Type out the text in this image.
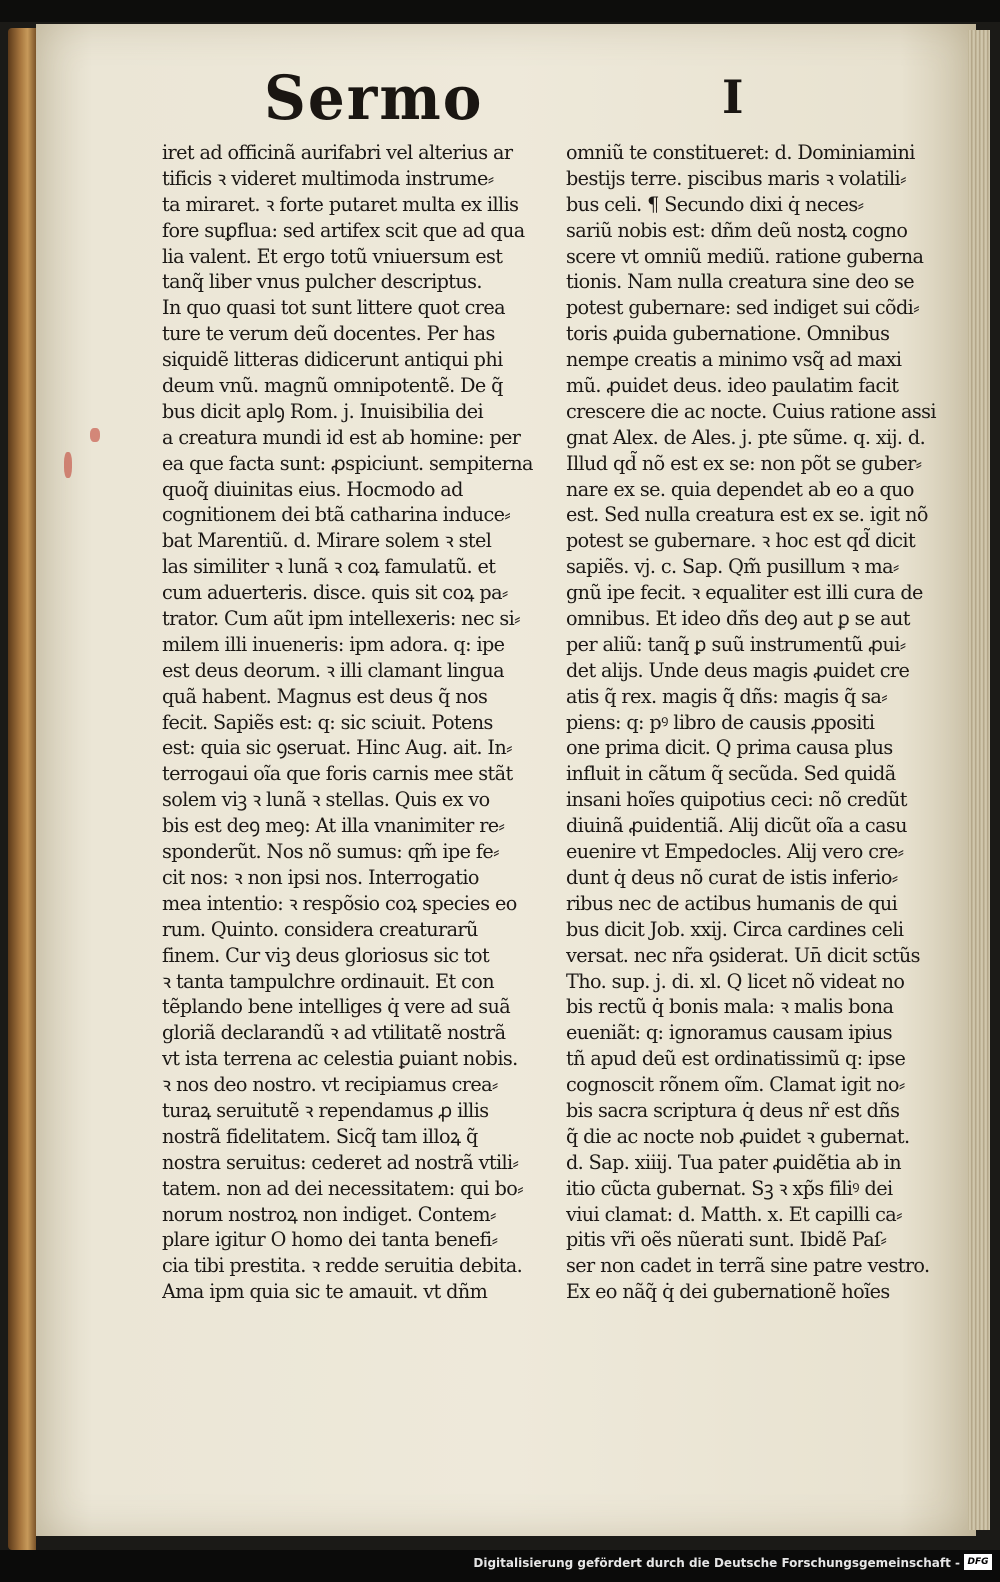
Sermo	I
iret ad officinã aurifabri vel alterius ar
tificis ꝛ videret multimoda instrume⸗
ta miraret. ꝛ forte putaret multa ex illis
fore suꝑflua: sed artifex scit que ad qua
lia valent. Et ergo totũ vniuersum est
tanq̃ liber vnus pulcher descriptus.
In quo quasi tot sunt littere quot crea
ture te verum deũ docentes. Per has
siquidẽ litteras didicerunt antiqui phi
deum vnũ. magnũ omnipotentẽ. De q̃
bus dicit aplꝯ Rom. j. Inuisibilia dei
a creatura mundi id est ab homine: per
ea que facta sunt: ꝓspiciunt. sempiterna
quoq̃ diuinitas eius. Hocmodo ad
cognitionem dei btã catharina induce⸗
bat Marentiũ. d. Mirare solem ꝛ stel
las similiter ꝛ lunã ꝛ coꝝ famulatũ. et
cum aduerteris. disce. quis sit coꝝ pa⸗
trator. Cum aũt ipm intellexeris: nec si⸗
milem illi inueneris: ipm adora. q: ipe
est deus deorum. ꝛ illi clamant lingua
quã habent. Magnus est deus q̃ nos
fecit. Sapiẽs est: q: sic sciuit. Potens
est: quia sic ꝯseruat. Hinc Aug. ait. In⸗
terrogaui oĩa que foris carnis mee stãt
solem viꝫ ꝛ lunã ꝛ stellas. Quis ex vo
bis est deꝯ meꝯ: At illa vnanimiter re⸗
sponderũt. Nos nõ sumus: qm̃ ipe fe⸗
cit nos: ꝛ non ipsi nos. Interrogatio
mea intentio: ꝛ respõsio coꝝ species eo
rum. Quinto. considera creaturarũ
finem. Cur viꝫ deus gloriosus sic tot
ꝛ tanta tampulchre ordinauit. Et con
tẽplando bene intelliges q̇ vere ad suã
gloriã declarandũ ꝛ ad vtilitatẽ nostrã
vt ista terrena ac celestia ꝑuiant nobis.
ꝛ nos deo nostro. vt recipiamus crea⸗
turaꝝ seruitutẽ ꝛ rependamus ꝓ illis
nostrã fidelitatem. Sicq̃ tam illoꝝ q̃
nostra seruitus: cederet ad nostrã vtili⸗
tatem. non ad dei necessitatem: qui bo⸗
norum nostroꝝ non indiget. Contem⸗
plare igitur O homo dei tanta benefi⸗
cia tibi prestita. ꝛ redde seruitia debita.
Ama ipm quia sic te amauit. vt dñm
omniũ te constitueret: d. Dominiamini
bestijs terre. piscibus maris ꝛ volatili⸗
bus celi. ¶ Secundo dixi q̇ neces⸗
sariũ nobis est: dñm deũ nostꝝ cogno
scere vt omniũ mediũ. ratione guberna
tionis. Nam nulla creatura sine deo se
potest gubernare: sed indiget sui cõdi⸗
toris ꝓuida gubernatione. Omnibus
nempe creatis a minimo vsq̃ ad maxi
mũ. ꝓuidet deus. ideo paulatim facit
crescere die ac nocte. Cuius ratione assi
gnat Alex. de Ales. j. pte sũme. q. xij. d.
Illud qd̃ nõ est ex se: non põt se guber⸗
nare ex se. quia dependet ab eo a quo
est. Sed nulla creatura est ex se. igit nõ
potest se gubernare. ꝛ hoc est qd̃ dicit
sapiẽs. vj. c. Sap. Qm̃ pusillum ꝛ ma⸗
gnũ ipe fecit. ꝛ equaliter est illi cura de
omnibus. Et ideo dñs deꝯ aut ꝑ se aut
per aliũ: tanq̃ ꝑ suũ instrumentũ ꝓui⸗
det alijs. Unde deus magis ꝓuidet cre
atis q̃ rex. magis q̃ dñs: magis q̃ sa⸗
piens: q: pꝰ libro de causis ꝓpositi
one prima dicit. Q prima causa plus
influit in cãtum q̃ secũda. Sed quidã
insani hoĩes quipotius ceci: nõ credũt
diuinã ꝓuidentiã. Alij dicũt oĩa a casu
euenire vt Empedocles. Alij vero cre⸗
dunt q̇ deus nõ curat de istis inferio⸗
ribus nec de actibus humanis de qui
bus dicit Job. xxij. Circa cardines celi
versat. nec nr̃a ꝯsiderat. Un̄ dicit sctũs
Tho. sup. j. di. xl. Q licet nõ videat no
bis rectũ q̇ bonis mala: ꝛ malis bona
eueniãt: q: ignoramus causam ipius
tñ apud deũ est ordinatissimũ q: ipse
cognoscit rõnem oĩm. Clamat igit no⸗
bis sacra scriptura q̇ deus nr̃ est dñs
q̃ die ac nocte nob ꝓuidet ꝛ gubernat.
d. Sap. xiiij. Tua pater ꝓuidẽtia ab in
itio cũcta gubernat. Sꝫ ꝛ xp̃s filiꝰ dei
viui clamat: d. Matth. x. Et capilli ca⸗
pitis vr̃i oẽs nũerati sunt. Ibidẽ Paſ⸗
ser non cadet in terrã sine patre vestro.
Ex eo nãq̃ q̇ dei gubernationẽ hoĩes
Digitalisierung gefördert durch die Deutsche Forschungsgemeinschaft - DFG
